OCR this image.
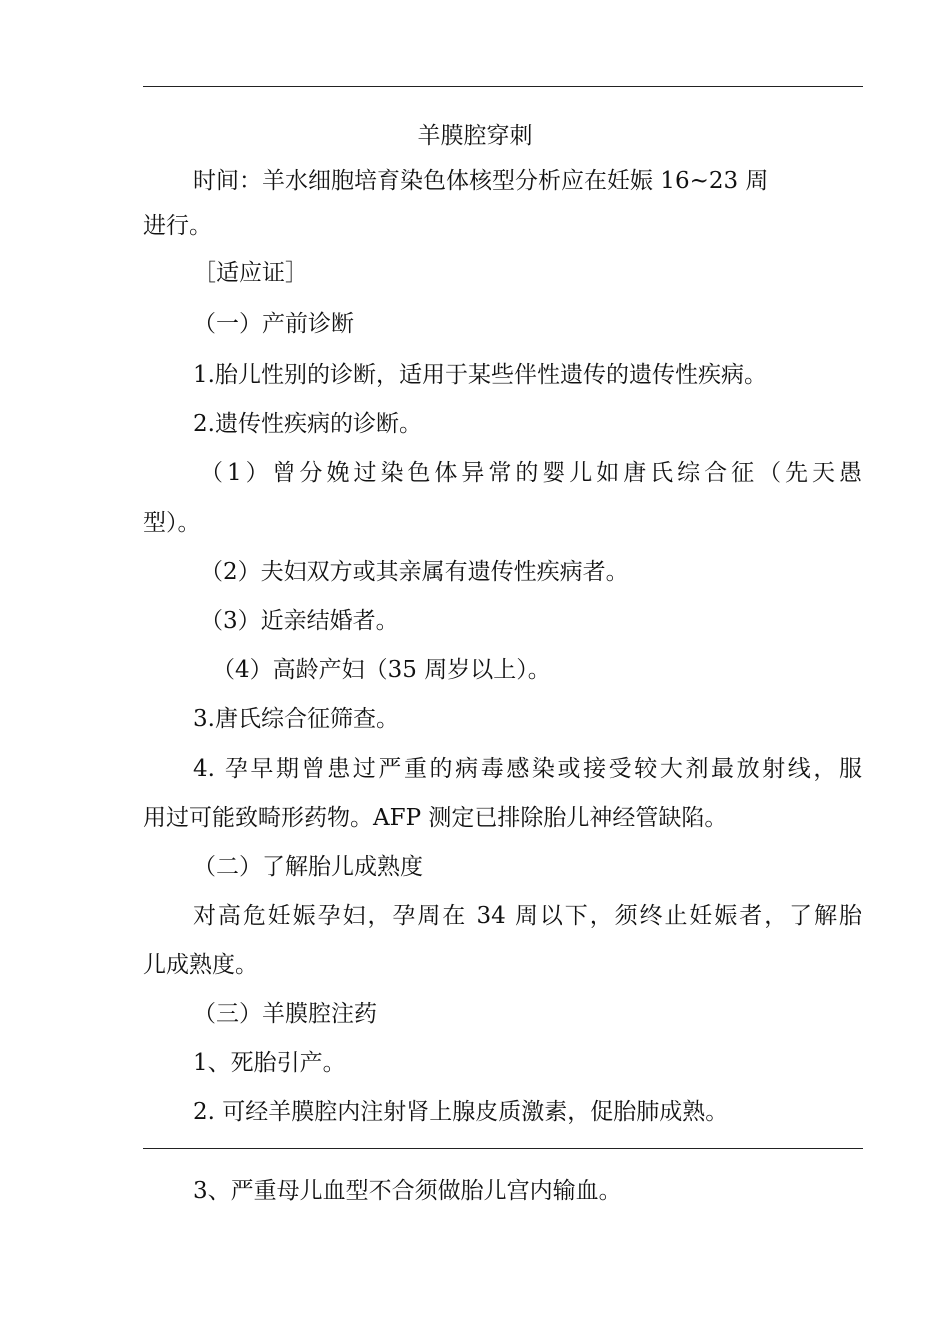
羊膜腔穿刺
时间：羊水细胞培育染色体核型分析应在妊娠 16~23 周
进行。
［适应证］
（一）产前诊断
1.胎儿性别的诊断，适用于某些伴性遗传的遗传性疾病。
2.遗传性疾病的诊断。
（1）曾分娩过染色体异常的婴儿如唐氏综合征（先天愚
型）。
（2）夫妇双方或其亲属有遗传性疾病者。
（3）近亲结婚者。
（4）高龄产妇（35 周岁以上）。
3.唐氏综合征筛查。
4. 孕早期曾患过严重的病毒感染或接受较大剂最放射线，服
用过可能致畸形药物。AFP 测定已排除胎儿神经管缺陷。
（二）了解胎儿成熟度
对高危妊娠孕妇，孕周在 34 周以下，须终止妊娠者，了解胎
儿成熟度。
（三）羊膜腔注药
1、死胎引产。
2. 可经羊膜腔内注射肾上腺皮质激素，促胎肺成熟。
3、严重母儿血型不合须做胎儿宫内输血。
